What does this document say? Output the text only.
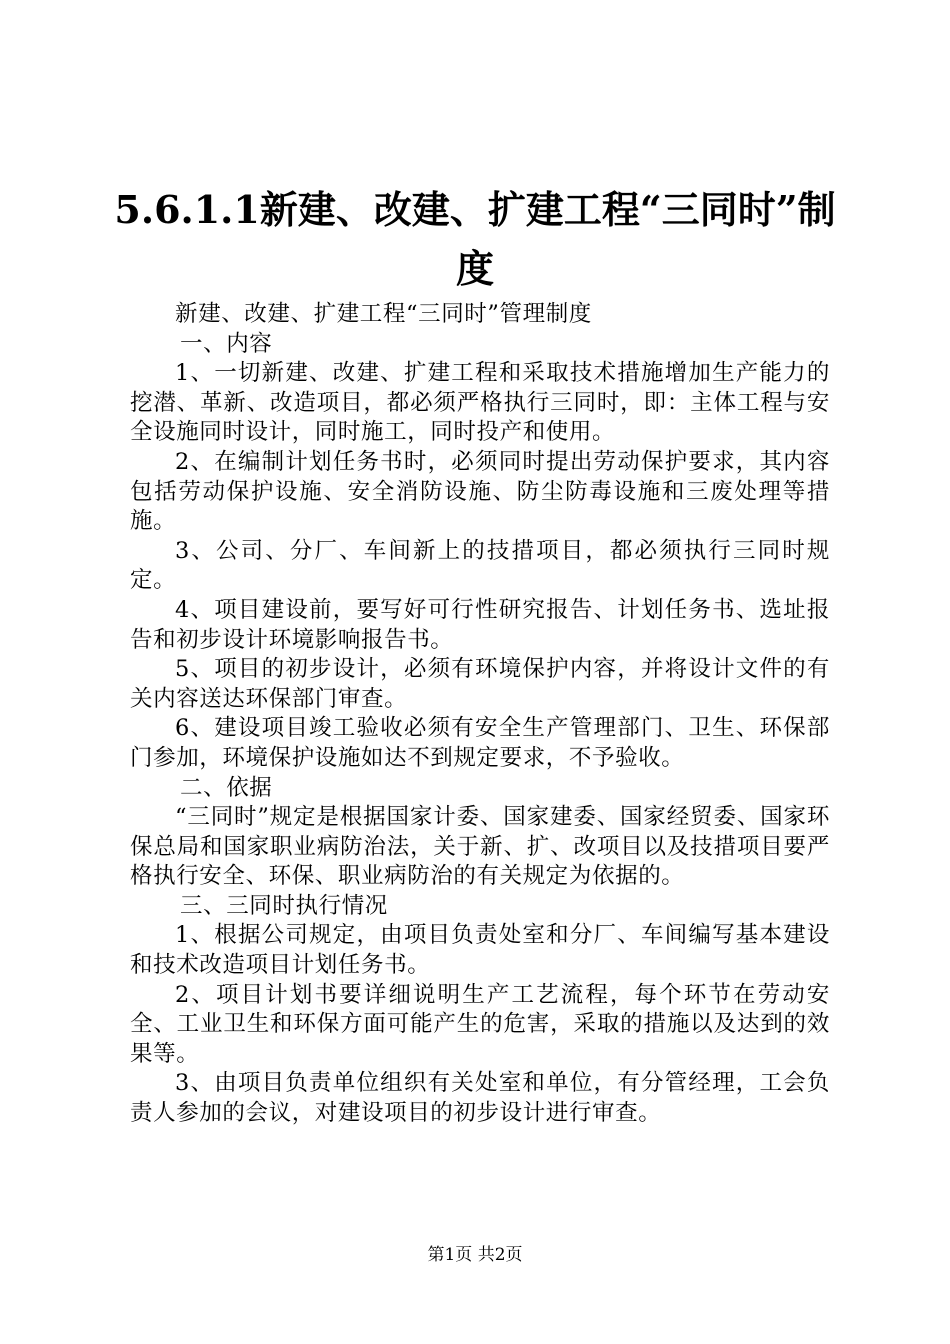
5.6.1.1新建、改建、扩建工程“三同时”制
度

新建、改建、扩建工程“三同时”管理制度

一、内容

1、一切新建、改建、扩建工程和采取技术措施增加生产能力的挖潜、革新、改造项目，都必须严格执行三同时，即：主体工程与安全设施同时设计，同时施工，同时投产和使用。

2、在编制计划任务书时，必须同时提出劳动保护要求，其内容包括劳动保护设施、安全消防设施、防尘防毒设施和三废处理等措施。

3、公司、分厂、车间新上的技措项目，都必须执行三同时规定。

4、项目建设前，要写好可行性研究报告、计划任务书、选址报告和初步设计环境影响报告书。

5、项目的初步设计，必须有环境保护内容，并将设计文件的有关内容送达环保部门审查。

6、建设项目竣工验收必须有安全生产管理部门、卫生、环保部门参加，环境保护设施如达不到规定要求，不予验收。

二、依据

“三同时”规定是根据国家计委、国家建委、国家经贸委、国家环保总局和国家职业病防治法，关于新、扩、改项目以及技措项目要严格执行安全、环保、职业病防治的有关规定为依据的。

三、三同时执行情况

1、根据公司规定，由项目负责处室和分厂、车间编写基本建设和技术改造项目计划任务书。

2、项目计划书要详细说明生产工艺流程，每个环节在劳动安全、工业卫生和环保方面可能产生的危害，采取的措施以及达到的效果等。

3、由项目负责单位组织有关处室和单位，有分管经理，工会负责人参加的会议，对建设项目的初步设计进行审查。

第1页 共2页
